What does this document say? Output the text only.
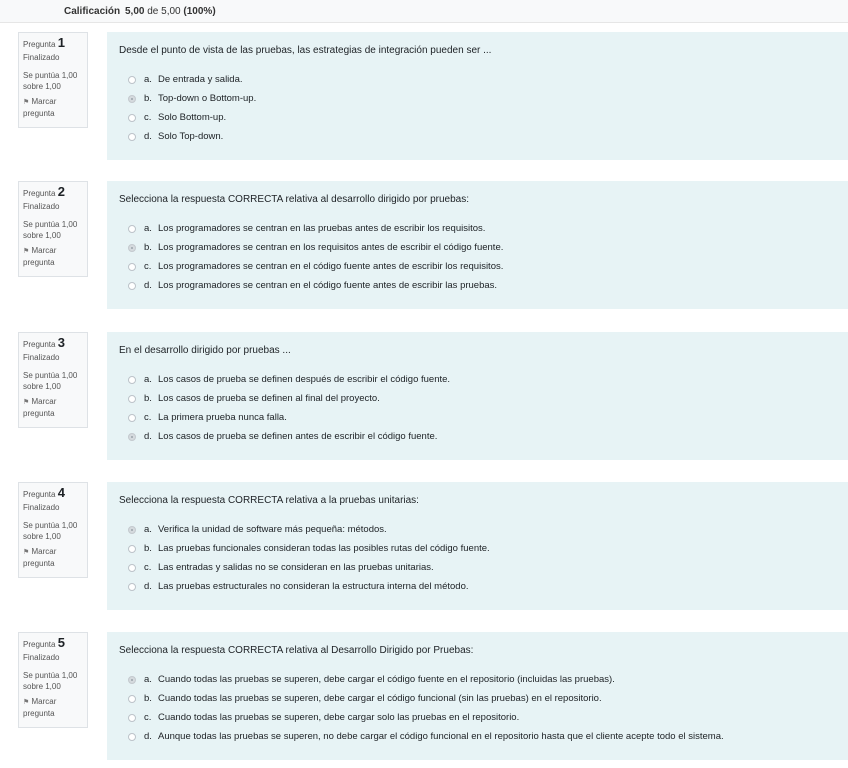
Calificación 5,00 de 5,00 (100%)
Pregunta 1
Finalizado
Se puntúa 1,00
sobre 1,00
⚑ Marcar
pregunta
Desde el punto de vista de las pruebas, las estrategias de integración pueden ser ...
a. De entrada y salida.
b. Top-down o Bottom-up.
c. Solo Bottom-up.
d. Solo Top-down.
Pregunta 2
Finalizado
Se puntúa 1,00
sobre 1,00
⚑ Marcar
pregunta
Selecciona la respuesta CORRECTA relativa al desarrollo dirigido por pruebas:
a. Los programadores se centran en las pruebas antes de escribir los requisitos.
b. Los programadores se centran en los requisitos antes de escribir el código fuente.
c. Los programadores se centran en el código fuente antes de escribir los requisitos.
d. Los programadores se centran en el código fuente antes de escribir las pruebas.
Pregunta 3
Finalizado
Se puntúa 1,00
sobre 1,00
⚑ Marcar
pregunta
En el desarrollo dirigido por pruebas ...
a. Los casos de prueba se definen después de escribir el código fuente.
b. Los casos de prueba se definen al final del proyecto.
c. La primera prueba nunca falla.
d. Los casos de prueba se definen antes de escribir el código fuente.
Pregunta 4
Finalizado
Se puntúa 1,00
sobre 1,00
⚑ Marcar
pregunta
Selecciona la respuesta CORRECTA relativa a la pruebas unitarias:
a. Verifica la unidad de software más pequeña: métodos.
b. Las pruebas funcionales consideran todas las posibles rutas del código fuente.
c. Las entradas y salidas no se consideran en las pruebas unitarias.
d. Las pruebas estructurales no consideran la estructura interna del método.
Pregunta 5
Finalizado
Se puntúa 1,00
sobre 1,00
⚑ Marcar
pregunta
Selecciona la respuesta CORRECTA relativa al Desarrollo Dirigido por Pruebas:
a. Cuando todas las pruebas se superen, debe cargar el código fuente en el repositorio (incluidas las pruebas).
b. Cuando todas las pruebas se superen, debe cargar el código funcional (sin las pruebas) en el repositorio.
c. Cuando todas las pruebas se superen, debe cargar solo las pruebas en el repositorio.
d. Aunque todas las pruebas se superen, no debe cargar el código funcional en el repositorio hasta que el cliente acepte todo el sistema.
